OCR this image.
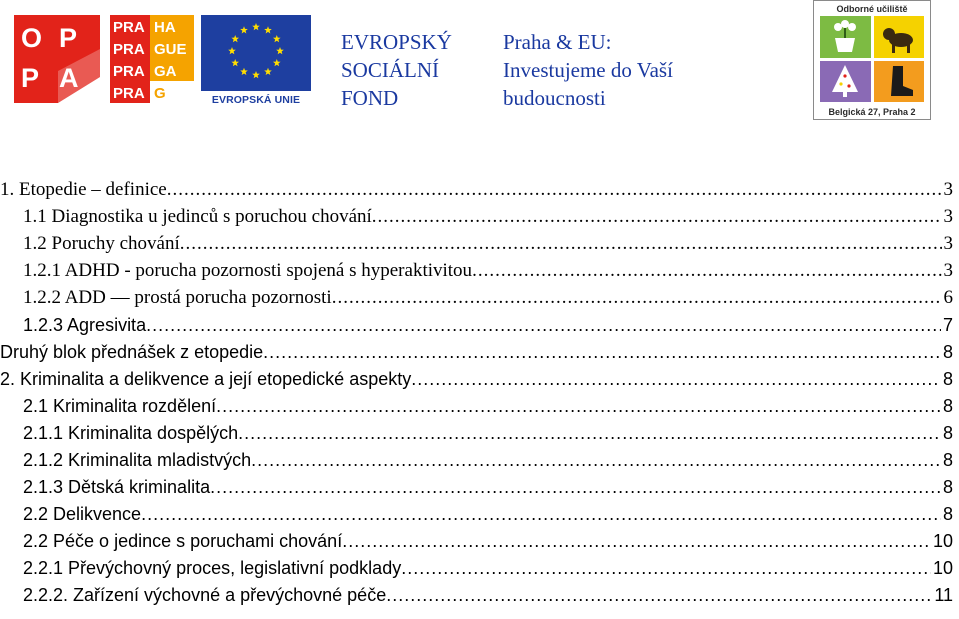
O P
P A
PRA HA
PRA GUE
PRA GA
PRA G	EVROPSKÁ UNIE
EVROPSKÝ
SOCIÁLNÍ
FOND
Praha & EU:
Investujeme do Vaší
budoucnosti
Odborné učiliště
Belgická 27, Praha 2
1. Etopedie – definice .....	3
1.1 Diagnostika u jedinců s poruchou chování .....	3
1.2 Poruchy chování .....	3
1.2.1 ADHD - porucha pozornosti spojená s hyperaktivitou .....	3
1.2.2 ADD — prostá porucha pozornosti .....	6
1.2.3 Agresivita .....	7
Druhý blok přednášek z etopedie .....	8
2. Kriminalita a delikvence a její etopedické aspekty .....	8
2.1 Kriminalita rozdělení .....	8
2.1.1 Kriminalita dospělých .....	8
2.1.2 Kriminalita mladistvých .....	8
2.1.3 Dětská kriminalita .....	8
2.2 Delikvence .....	8
2.2 Péče o jedince s poruchami chování .....	10
2.2.1 Převýchovný proces, legislativní podklady .....	10
2.2.2. Zařízení výchovné a převýchovné péče .....	11
